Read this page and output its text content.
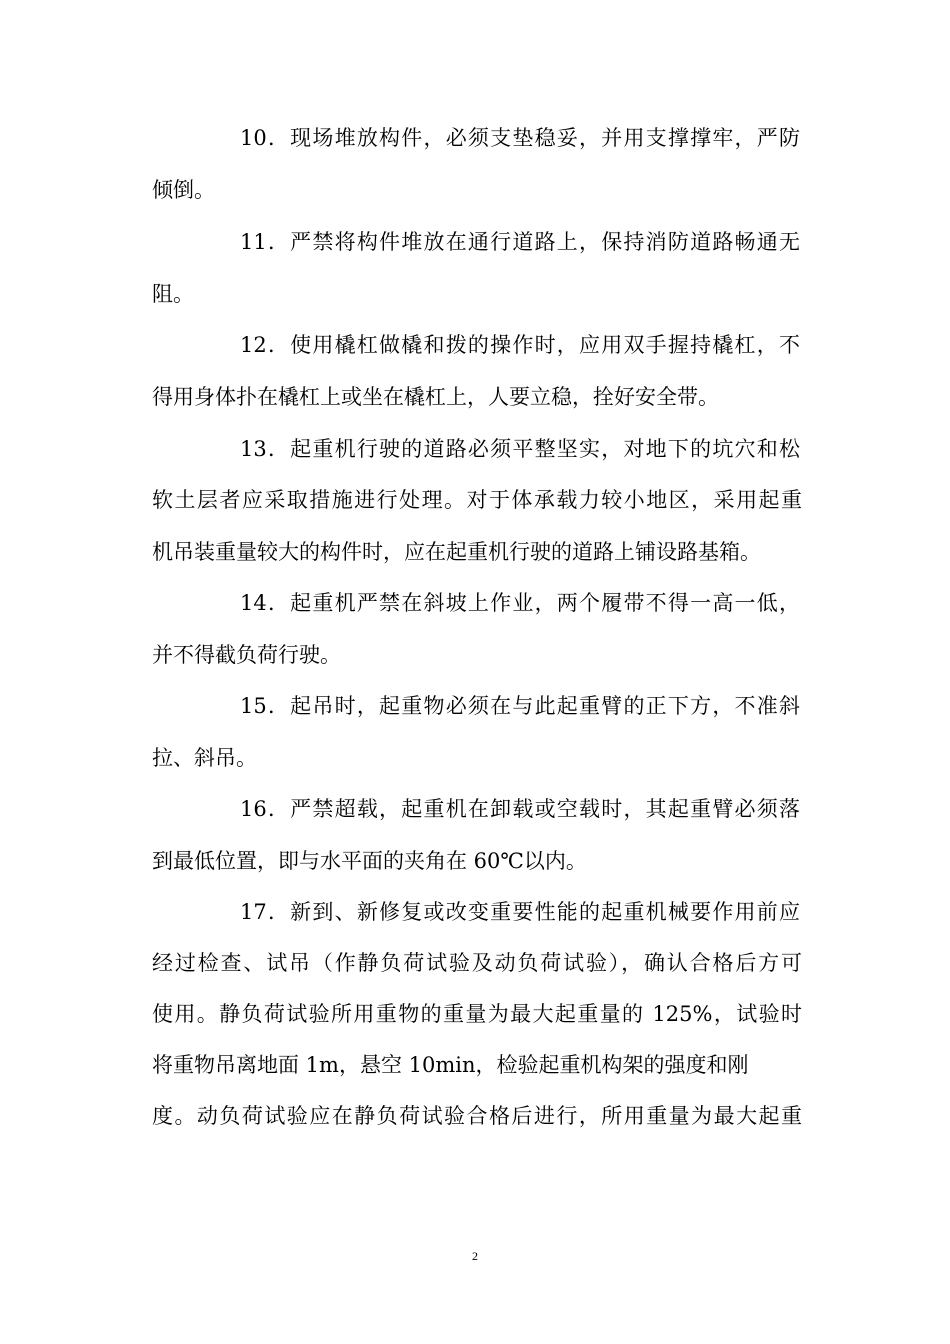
10．现场堆放构件，必须支垫稳妥，并用支撑撑牢，严防
倾倒。
11．严禁将构件堆放在通行道路上，保持消防道路畅通无
阻。
12．使用橇杠做橇和拨的操作时，应用双手握持橇杠，不
得用身体扑在橇杠上或坐在橇杠上，人要立稳，拴好安全带。
13．起重机行驶的道路必须平整坚实，对地下的坑穴和松
软土层者应采取措施进行处理。对于体承载力较小地区，采用起重
机吊装重量较大的构件时，应在起重机行驶的道路上铺设路基箱。
14．起重机严禁在斜坡上作业，两个履带不得一高一低，
并不得截负荷行驶。
15．起吊时，起重物必须在与此起重臂的正下方，不准斜
拉、斜吊。
16．严禁超载，起重机在卸载或空载时，其起重臂必须落
到最低位置，即与水平面的夹角在 60℃以内。
17．新到、新修复或改变重要性能的起重机械要作用前应
经过检查、试吊（作静负荷试验及动负荷试验），确认合格后方可
使用。静负荷试验所用重物的重量为最大起重量的 125%，试验时
将重物吊离地面 1m，悬空 10min，检验起重机构架的强度和刚
度。动负荷试验应在静负荷试验合格后进行，所用重量为最大起重
2
